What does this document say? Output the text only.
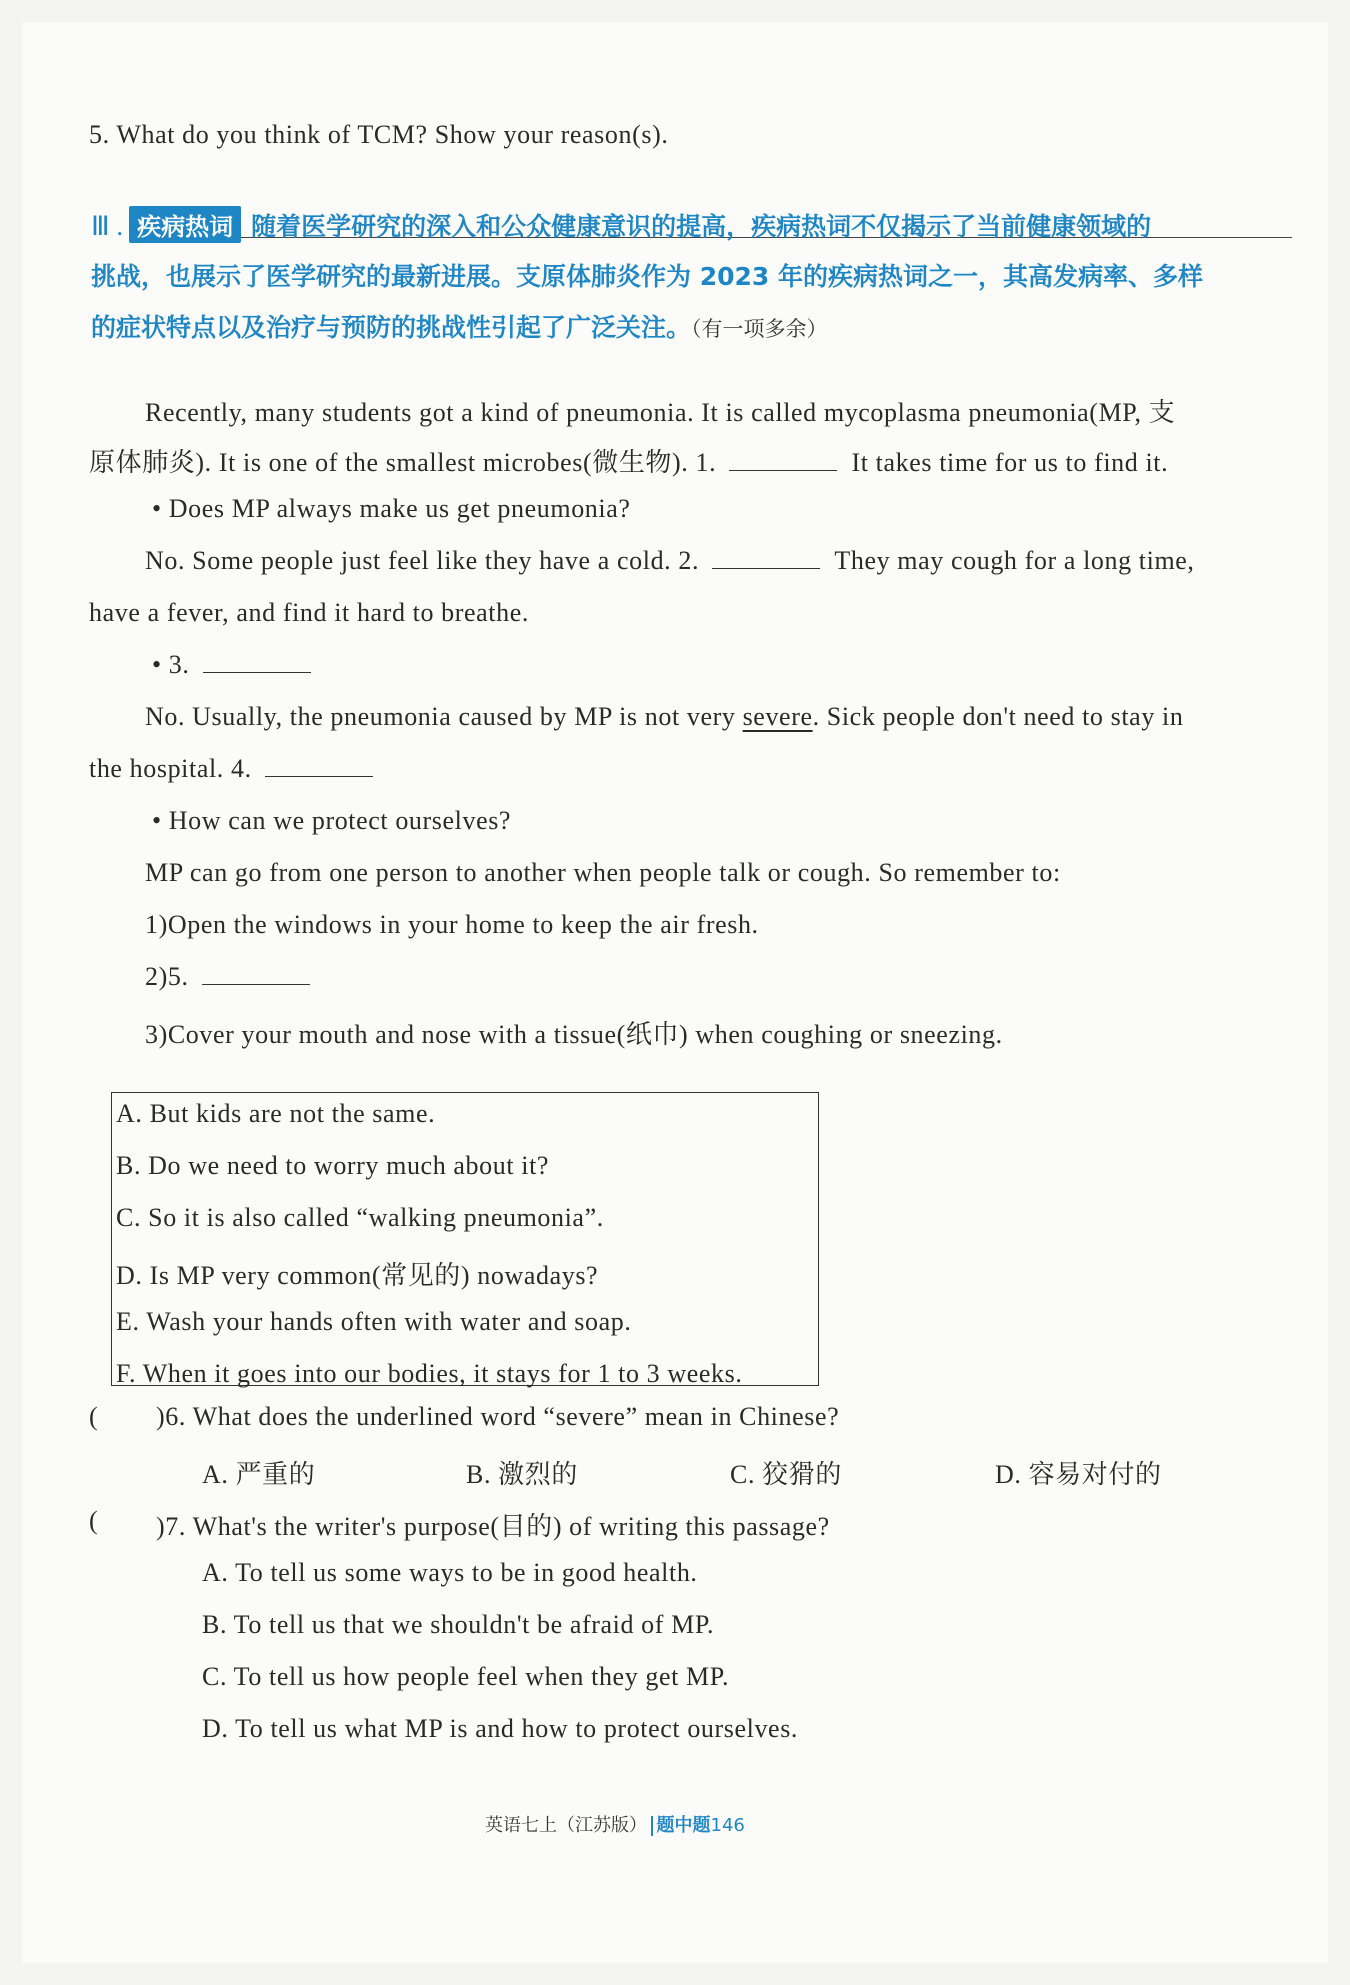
5. What do you think of TCM? Show your reason(s).
Ⅲ . 疾病热词 随着医学研究的深入和公众健康意识的提高，疾病热词不仅揭示了当前健康领域的
挑战，也展示了医学研究的最新进展。支原体肺炎作为 2023 年的疾病热词之一，其高发病率、多样
的症状特点以及治疗与预防的挑战性引起了广泛关注。（有一项多余）
Recently, many students got a kind of pneumonia. It is called mycoplasma pneumonia(MP, 支
原体肺炎). It is one of the smallest microbes(微生物). 1.	It takes time for us to find it.
• Does MP always make us get pneumonia?
No. Some people just feel like they have a cold. 2.	They may cough for a long time,
have a fever, and find it hard to breathe.
• 3.
No. Usually, the pneumonia caused by MP is not very severe. Sick people don't need to stay in
the hospital. 4.
• How can we protect ourselves?
MP can go from one person to another when people talk or cough. So remember to:
1)Open the windows in your home to keep the air fresh.
2)5.
3)Cover your mouth and nose with a tissue(纸巾) when coughing or sneezing.
A. But kids are not the same.
B. Do we need to worry much about it?
C. So it is also called “walking pneumonia”.
D. Is MP very common(常见的) nowadays?
E. Wash your hands often with water and soap.
F. When it goes into our bodies, it stays for 1 to 3 weeks.
( )6. What does the underlined word “severe” mean in Chinese?
A. 严重的	B. 激烈的	C. 狡猾的	D. 容易对付的
( )7. What's the writer's purpose(目的) of writing this passage?
A. To tell us some ways to be in good health.
B. To tell us that we shouldn't be afraid of MP.
C. To tell us how people feel when they get MP.
D. To tell us what MP is and how to protect ourselves.
英语七上（江苏版） 题中题146
